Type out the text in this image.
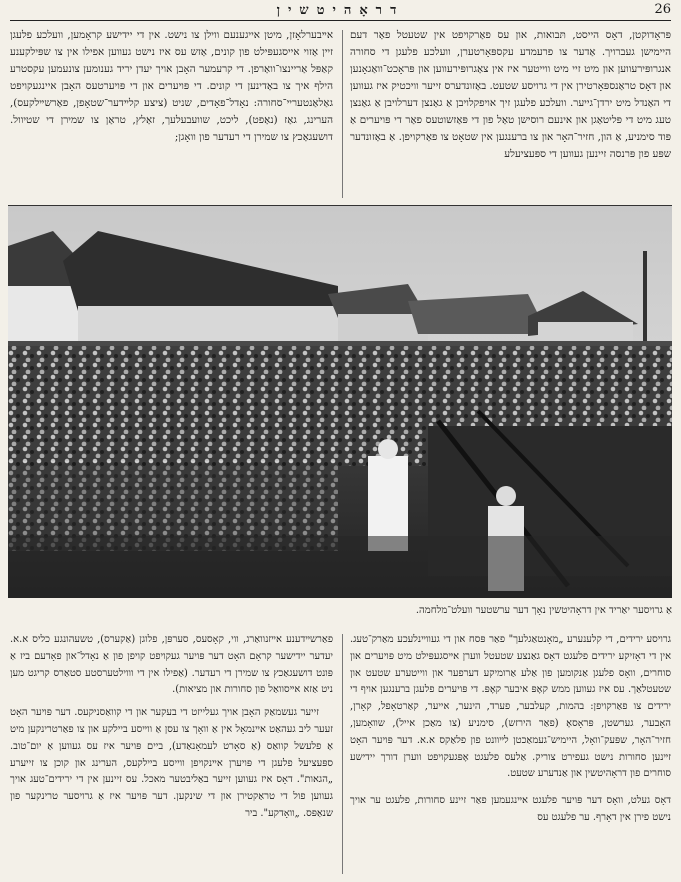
דראָהיטשין	26

פּראָדוקטן, דאָס הייסט, תּבואות, און עס פאַרקויפט אין שטעטל פאַר דעם היימישן געברויך. אַדער צו פרעמדע עקספּאָרטערן, וועלכע פלעגן די סחורה אנגרופּירעווען און מיט זיי מיט ווייטער איז אין צאַגרופּירעווען און פּראָכט־וואַגאָנען און דאָס טראַנספּאָרטירן אין די גרויסע שטעט. באַזונדערס זייער וויכטיק איז געווען די האַנדל מיט ירדן־גייער. וועלכע פלעגן זיך אויפקלויבן אַ גאַנצן דערלויבן אַ גאַנצן טעג מיט די פּליטאַגן און אינעם רוסישן טאַל פון די פּאַזשוטעס פאַר די פּויערים אַ פּוד סימניע, אַ הון, חזיר־האָר און צו ברענגען אין שטאָט צו פאַרקויפן. אַ באַזונדער שפּע פון פּרנסה זיינען געווען די ספּעציעלע

אײבערלאָזן, מיטן אייגענעם ווילן צו נישט. אין די יידישע קראָמען, וועלכע פלעגן זיין אַזוי אייסגעפּילט פון קונים, אַזש עס איז נישט געווען אפילו אין צו שפּילקענע קאַפּל אַריינצו־וואַרפן. די קרעמער האָבן אויך יעדן יריד גענומען צונעמען עקסטרע הילף איך צו באַדינען די קונים. די פּויערים און די פּויערטעס האָבן איינגעקויפט גאַלאַנטעריי־סחורה: נאָדל־פאָדים, שניט (ציצע קלײדער־שטאָפן, פאַרשײלקעס), הערינג, גאַז (נאַפט), ליכט, שוועבעלעך, זאַלץ, טראַן צו שמירן די שטיוול. דושעגאַכץ צו שמירן די רעדער פון וואָגן;

אַ גרויסער יאַריד אין דראָהיטשין נאָך דער ערשטער וועלט־מלחמה.

גרויסע ירידים, די קלענערע „מאָנטאַגלעך" פאַר פּסח און די געווײנלעכע מאַרק־טעג. אין די דאָזיקע ירידים פלעגט דאָס גאַנצע שטעטל ווערן אײסגעפּילט מיט פּויערים און סוחרים, וואָס פלעגן אַנקומען פון אַלע אַרומיקע דערפער און ווייטערע שטעט און שטעטלאַך. עס איז געווען ממש קאָפּ איבער קאָפּ. די פּויערים פלעגן ברענגען אויף די ירידים צו פאַרקויפן: בהמות, קעלבער, פערד, הינער, אייער, קאַרטאָפל, קאָרן, האָבער, גערשטן, פּראָסאָ (פאַר הירזש), סימניע (צו מאַכן אייל), שװאָמען, חזיר־האָר, שפּעק־וואָל, היימיש־געמאַכטן לײװנט פון פלאַקס א.א. דער פּויער האָט זײנען סחורות נישט געפירט צוריק. אַלעס פלעגט אָפּגעקויפט ווערן דורך יידישע סוחרים פון דראָהיטשין און אַנדערע שטעט.

דאָס געלט, וואָס דער פּויער פלעגט אײנגעמען פאַר זיינע סחורות, פלעגט ער אויך נישט פירן אין דאָרף. ער פלעגט עס

פאַרשײדענע אײזנוואַרג, ווי, קאָסעס, סערפּן, פלוגן (אַקערס), טשעהונגע כליס א.א. יעדער יידישער קראָם האָט דער פּויער געקויפט קויפן פון אַ נאָדל־און פאָדעם ביז אַ פּונט דושעגאַכץ צו שמירן די רעדער. (אַפילו אין די וווילטערסטע סטאַרס קריגט מען ניט אַזא אײסוואַל פון סחורות און מציאות).

זייער געשמאַק האָבן אויך געלייזט די בעקער און די קוואַסניקעס. דער פּויער האָט זעער ליב געהאַט אײנמאָל אין אַ וואָך צו עסן אַ ווײסע ביילקע און צו פאַרטרינקען מיט אַ פלעשל קוואַס (אַ סאָרט לעמאָנאַדע), ביים פּויער איז עס געווען אַ יום־טוב. ספּעציעל פלעגן די פּויערן אײנקויפן ווייסע ביילקעס, הערינג און קוכן צו זייערע „הגאות". דאָס איז געווען זייער באַליבטער מאכל. עס זיינען אין די ירידים־טעג אויך געווען פול די טראַקטירן און די שינקען. דער פּויער איז אַ גרויסער טרינקער פון שנאַפּס. „וואָדקע". ביר
